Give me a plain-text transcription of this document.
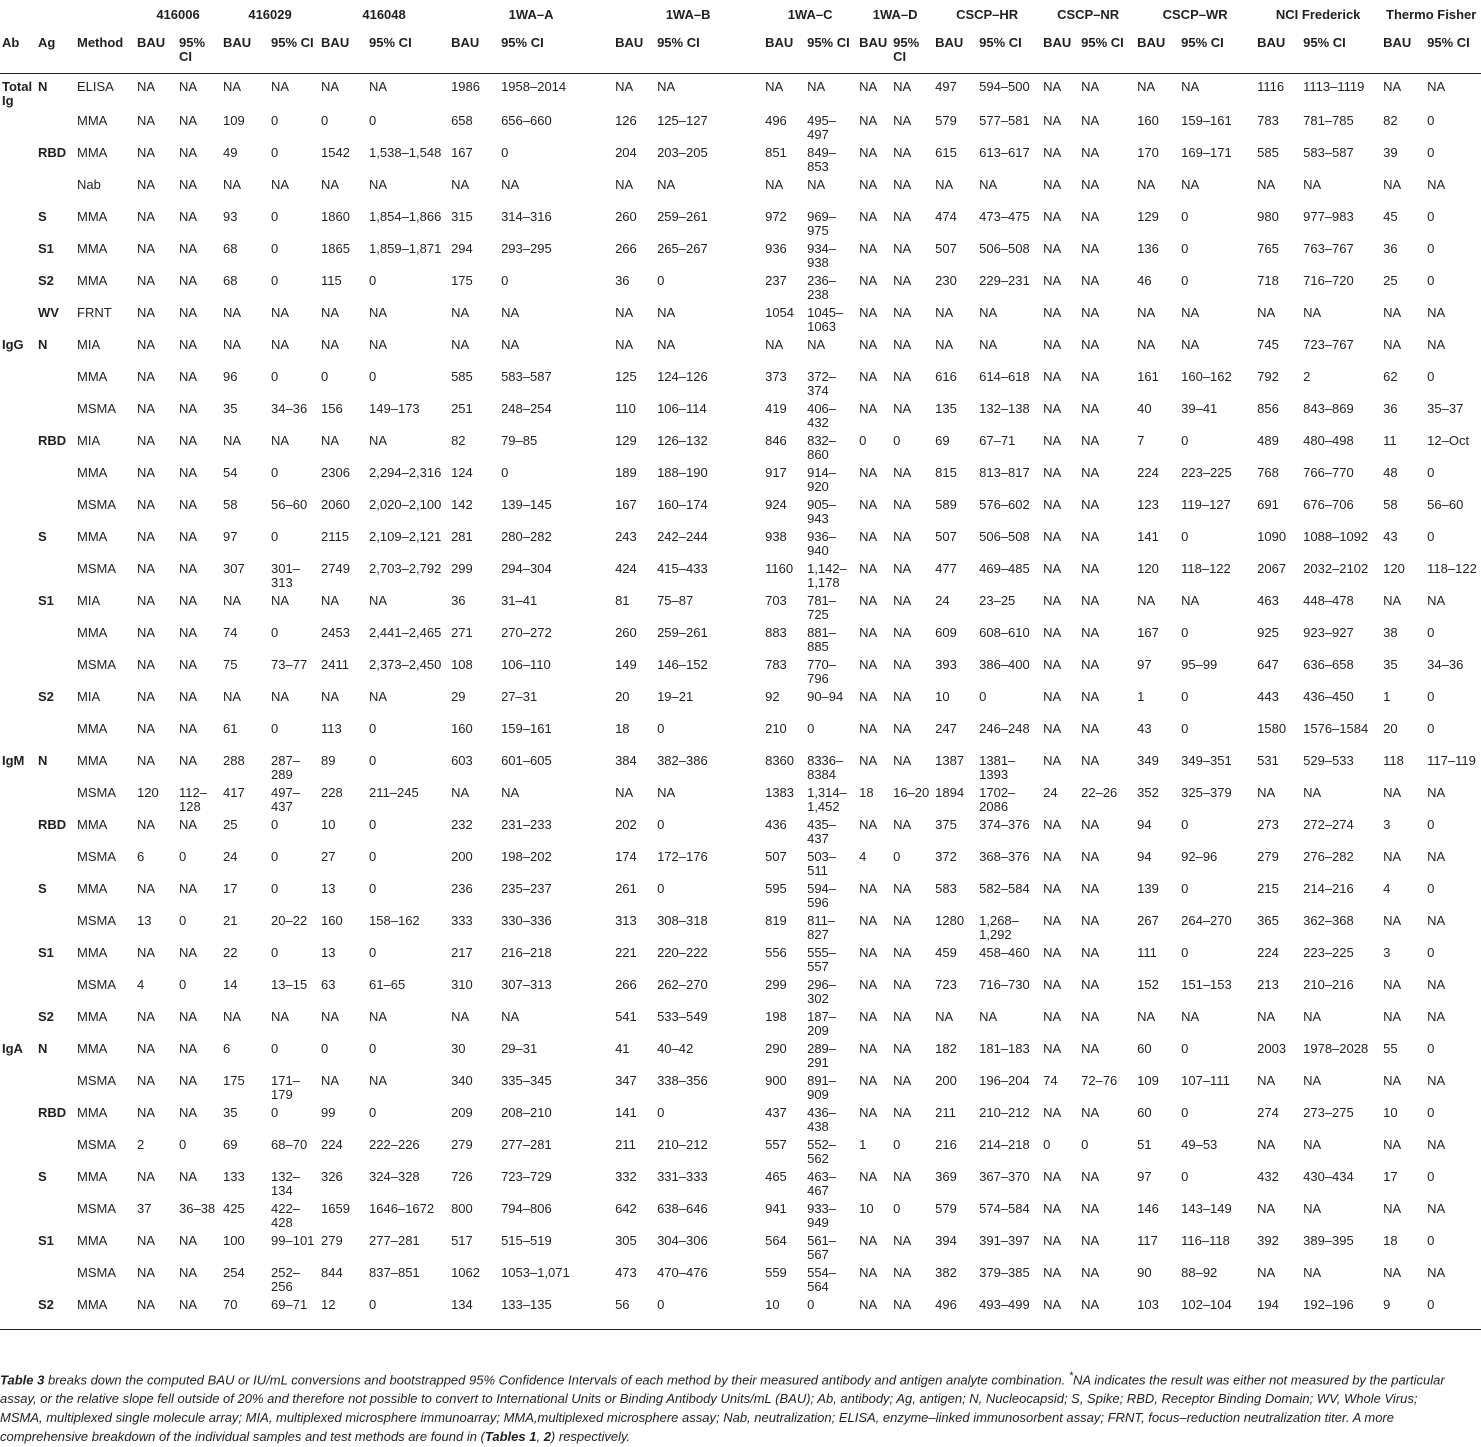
			416006		416029		416048		1WA–A		1WA–B		1WA–C		1WA–D		CSCP–HR		CSCP–NR		CSCP–WR		NCI Frederick		Thermo Fisher	
Ab	Ag	Method	BAU	95% CI	BAU	95% CI	BAU	95% CI	BAU	95% CI	BAU	95% CI	BAU	95% CI	BAU	95% CI	BAU	95% CI	BAU	95% CI	BAU	95% CI	BAU	95% CI	BAU	95% CI
Total Ig	N	ELISA	NA	NA	NA	NA	NA	NA	1986	1958–2014	NA	NA	NA	NA	NA	NA	497	594–500	NA	NA	NA	NA	1116	1113–1119	NA	NA
		MMA	NA	NA	109	0	0	0	658	656–660	126	125–127	496	495–497	NA	NA	579	577–581	NA	NA	160	159–161	783	781–785	82	0
	RBD	MMA	NA	NA	49	0	1542	1,538–1,548	167	0	204	203–205	851	849–853	NA	NA	615	613–617	NA	NA	170	169–171	585	583–587	39	0
		Nab	NA	NA	NA	NA	NA	NA	NA	NA	NA	NA	NA	NA	NA	NA	NA	NA	NA	NA	NA	NA	NA	NA	NA	NA
	S	MMA	NA	NA	93	0	1860	1,854–1,866	315	314–316	260	259–261	972	969–975	NA	NA	474	473–475	NA	NA	129	0	980	977–983	45	0
	S1	MMA	NA	NA	68	0	1865	1,859–1,871	294	293–295	266	265–267	936	934–938	NA	NA	507	506–508	NA	NA	136	0	765	763–767	36	0
	S2	MMA	NA	NA	68	0	115	0	175	0	36	0	237	236–238	NA	NA	230	229–231	NA	NA	46	0	718	716–720	25	0
	WV	FRNT	NA	NA	NA	NA	NA	NA	NA	NA	NA	NA	1054	1045–1063	NA	NA	NA	NA	NA	NA	NA	NA	NA	NA	NA	NA
IgG	N	MIA	NA	NA	NA	NA	NA	NA	NA	NA	NA	NA	NA	NA	NA	NA	NA	NA	NA	NA	NA	NA	745	723–767	NA	NA
		MMA	NA	NA	96	0	0	0	585	583–587	125	124–126	373	372–374	NA	NA	616	614–618	NA	NA	161	160–162	792	2	62	0
		MSMA	NA	NA	35	34–36	156	149–173	251	248–254	110	106–114	419	406–432	NA	NA	135	132–138	NA	NA	40	39–41	856	843–869	36	35–37
	RBD	MIA	NA	NA	NA	NA	NA	NA	82	79–85	129	126–132	846	832–860	0	0	69	67–71	NA	NA	7	0	489	480–498	11	12–Oct
		MMA	NA	NA	54	0	2306	2,294–2,316	124	0	189	188–190	917	914–920	NA	NA	815	813–817	NA	NA	224	223–225	768	766–770	48	0
		MSMA	NA	NA	58	56–60	2060	2,020–2,100	142	139–145	167	160–174	924	905–943	NA	NA	589	576–602	NA	NA	123	119–127	691	676–706	58	56–60
	S	MMA	NA	NA	97	0	2115	2,109–2,121	281	280–282	243	242–244	938	936–940	NA	NA	507	506–508	NA	NA	141	0	1090	1088–1092	43	0
		MSMA	NA	NA	307	301–313	2749	2,703–2,792	299	294–304	424	415–433	1160	1,142–1,178	NA	NA	477	469–485	NA	NA	120	118–122	2067	2032–2102	120	118–122
	S1	MIA	NA	NA	NA	NA	NA	NA	36	31–41	81	75–87	703	781–725	NA	NA	24	23–25	NA	NA	NA	NA	463	448–478	NA	NA
		MMA	NA	NA	74	0	2453	2,441–2,465	271	270–272	260	259–261	883	881–885	NA	NA	609	608–610	NA	NA	167	0	925	923–927	38	0
		MSMA	NA	NA	75	73–77	2411	2,373–2,450	108	106–110	149	146–152	783	770–796	NA	NA	393	386–400	NA	NA	97	95–99	647	636–658	35	34–36
	S2	MIA	NA	NA	NA	NA	NA	NA	29	27–31	20	19–21	92	90–94	NA	NA	10	0	NA	NA	1	0	443	436–450	1	0
		MMA	NA	NA	61	0	113	0	160	159–161	18	0	210	0	NA	NA	247	246–248	NA	NA	43	0	1580	1576–1584	20	0
IgM	N	MMA	NA	NA	288	287–289	89	0	603	601–605	384	382–386	8360	8336–8384	NA	NA	1387	1381–1393	NA	NA	349	349–351	531	529–533	118	117–119
		MSMA	120	112–128	417	497–437	228	211–245	NA	NA	NA	NA	1383	1,314–1,452	18	16–20	1894	1702–2086	24	22–26	352	325–379	NA	NA	NA	NA
	RBD	MMA	NA	NA	25	0	10	0	232	231–233	202	0	436	435–437	NA	NA	375	374–376	NA	NA	94	0	273	272–274	3	0
		MSMA	6	0	24	0	27	0	200	198–202	174	172–176	507	503–511	4	0	372	368–376	NA	NA	94	92–96	279	276–282	NA	NA
	S	MMA	NA	NA	17	0	13	0	236	235–237	261	0	595	594–596	NA	NA	583	582–584	NA	NA	139	0	215	214–216	4	0
		MSMA	13	0	21	20–22	160	158–162	333	330–336	313	308–318	819	811–827	NA	NA	1280	1,268–1,292	NA	NA	267	264–270	365	362–368	NA	NA
	S1	MMA	NA	NA	22	0	13	0	217	216–218	221	220–222	556	555–557	NA	NA	459	458–460	NA	NA	111	0	224	223–225	3	0
		MSMA	4	0	14	13–15	63	61–65	310	307–313	266	262–270	299	296–302	NA	NA	723	716–730	NA	NA	152	151–153	213	210–216	NA	NA
	S2	MMA	NA	NA	NA	NA	NA	NA	NA	NA	541	533–549	198	187–209	NA	NA	NA	NA	NA	NA	NA	NA	NA	NA	NA	NA
IgA	N	MMA	NA	NA	6	0	0	0	30	29–31	41	40–42	290	289–291	NA	NA	182	181–183	NA	NA	60	0	2003	1978–2028	55	0
		MSMA	NA	NA	175	171–179	NA	NA	340	335–345	347	338–356	900	891–909	NA	NA	200	196–204	74	72–76	109	107–111	NA	NA	NA	NA
	RBD	MMA	NA	NA	35	0	99	0	209	208–210	141	0	437	436–438	NA	NA	211	210–212	NA	NA	60	0	274	273–275	10	0
		MSMA	2	0	69	68–70	224	222–226	279	277–281	211	210–212	557	552–562	1	0	216	214–218	0	0	51	49–53	NA	NA	NA	NA
	S	MMA	NA	NA	133	132–134	326	324–328	726	723–729	332	331–333	465	463–467	NA	NA	369	367–370	NA	NA	97	0	432	430–434	17	0
		MSMA	37	36–38	425	422–428	1659	1646–1672	800	794–806	642	638–646	941	933–949	10	0	579	574–584	NA	NA	146	143–149	NA	NA	NA	NA
	S1	MMA	NA	NA	100	99–101	279	277–281	517	515–519	305	304–306	564	561–567	NA	NA	394	391–397	NA	NA	117	116–118	392	389–395	18	0
		MSMA	NA	NA	254	252–256	844	837–851	1062	1053–1,071	473	470–476	559	554–564	NA	NA	382	379–385	NA	NA	90	88–92	NA	NA	NA	NA
	S2	MMA	NA	NA	70	69–71	12	0	134	133–135	56	0	10	0	NA	NA	496	493–499	NA	NA	103	102–104	194	192–196	9	0
Table 3 breaks down the computed BAU or IU/mL conversions and bootstrapped 95% Confidence Intervals of each method by their measured antibody and antigen analyte combination. *NA indicates the result was either not measured by the particular assay, or the relative slope fell outside of 20% and therefore not possible to convert to International Units or Binding Antibody Units/mL (BAU); Ab, antibody; Ag, antigen; N, Nucleocapsid; S, Spike; RBD, Receptor Binding Domain; WV, Whole Virus; MSMA, multiplexed single molecule array; MIA, multiplexed microsphere immunoarray; MMA,multiplexed microsphere assay; Nab, neutralization; ELISA, enzyme–linked immunosorbent assay; FRNT, focus–reduction neutralization titer. A more comprehensive breakdown of the individual samples and test methods are found in (Tables 1, 2) respectively.
